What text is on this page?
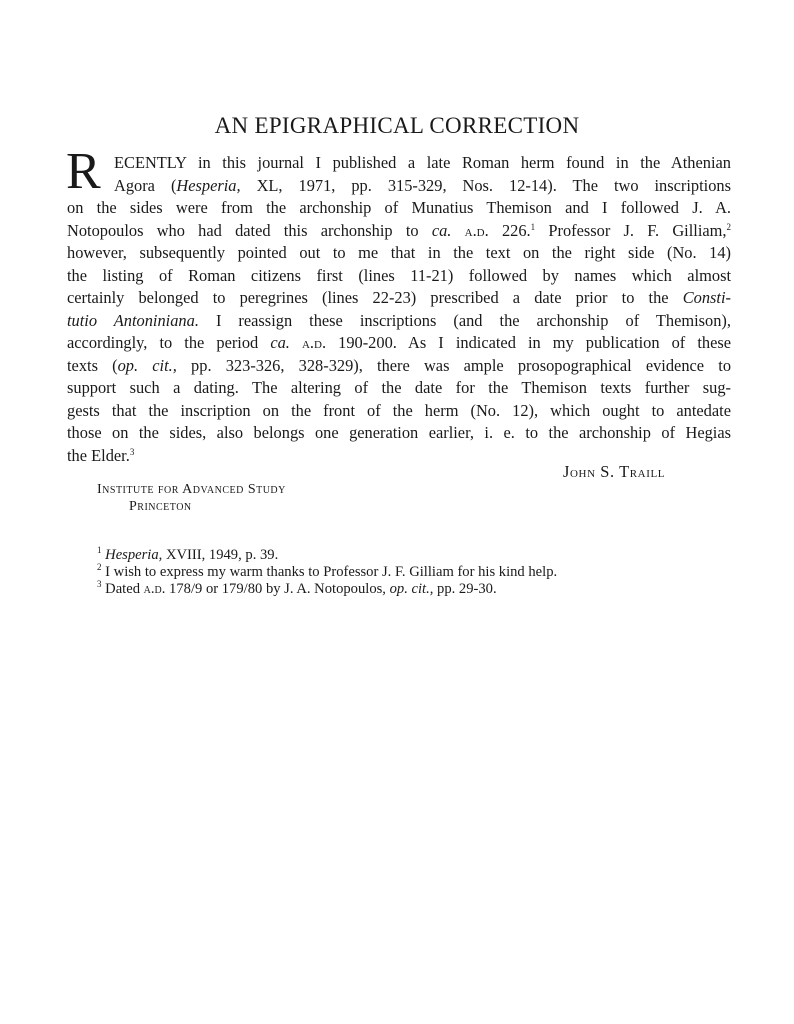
AN EPIGRAPHICAL CORRECTION
R ECENTLY in this journal I published a late Roman herm found in the Athenian
Agora (Hesperia, XL, 1971, pp. 315-329, Nos. 12-14). The two inscriptions
on the sides were from the archonship of Munatius Themison and I followed J. A.
Notopoulos who had dated this archonship to ca. a.d. 226.$^1$ Professor J. F. Gilliam,$^2$
however, subsequently pointed out to me that in the text on the right side (No. 14)
the listing of Roman citizens first (lines 11-21) followed by names which almost
certainly belonged to peregrines (lines 22-23) prescribed a date prior to the Consti-
tutio Antoniniana. I reassign these inscriptions (and the archonship of Themison),
accordingly, to the period ca. a.d. 190-200. As I indicated in my publication of these
texts (op. cit., pp. 323-326, 328-329), there was ample prosopographical evidence to
support such a dating. The altering of the date for the Themison texts further sug-
gests that the inscription on the front of the herm (No. 12), which ought to antedate
those on the sides, also belongs one generation earlier, i. e. to the archonship of Hegias
the Elder.$^3$
John S. Traill
Institute for Advanced Study
Princeton
$^1$ Hesperia, XVIII, 1949, p. 39.
$^2$ I wish to express my warm thanks to Professor J. F. Gilliam for his kind help.
$^3$ Dated a.d. 178/9 or 179/80 by J. A. Notopoulos, op. cit., pp. 29-30.
